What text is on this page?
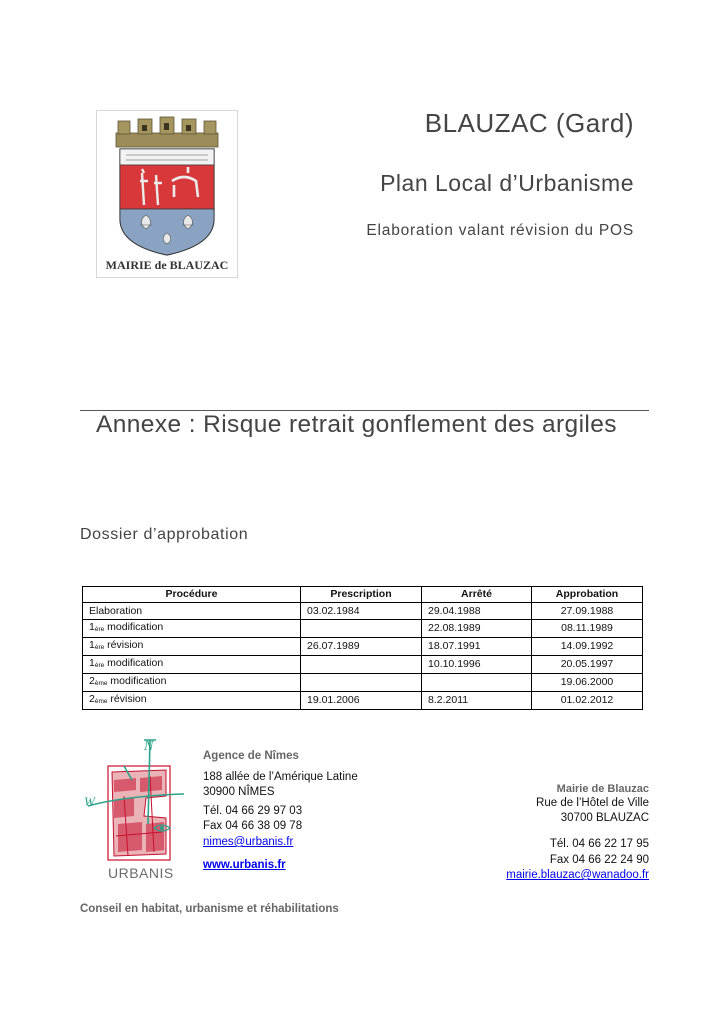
MAIRIE de BLAUZAC
BLAUZAC (Gard)
Plan Local d’Urbanisme
Elaboration valant révision du POS
Annexe : Risque retrait gonflement des argiles
Dossier d’approbation
Procédure	Prescription	Arrêté	Approbation
Elaboration	03.02.1984	29.04.1988	27.09.1988
1ère modification		22.08.1989	08.11.1989
1ère révision	26.07.1989	18.07.1991	14.09.1992
1ère modification		10.10.1996	20.05.1997
2ème modification			19.06.2000
2ème révision	19.01.2006	8.2.2011	01.02.2012
N
W
URBANIS
Agence de Nîmes
188 allée de l’Amérique Latine
30900 NÎMES
Tél. 04 66 29 97 03
Fax 04 66 38 09 78
nimes@urbanis.fr
www.urbanis.fr
Mairie de Blauzac
Rue de l’Hôtel de Ville
30700 BLAUZAC
Tél. 04 66 22 17 95
Fax 04 66 22 24 90
mairie.blauzac@wanadoo.fr
Conseil en habitat, urbanisme et réhabilitations
